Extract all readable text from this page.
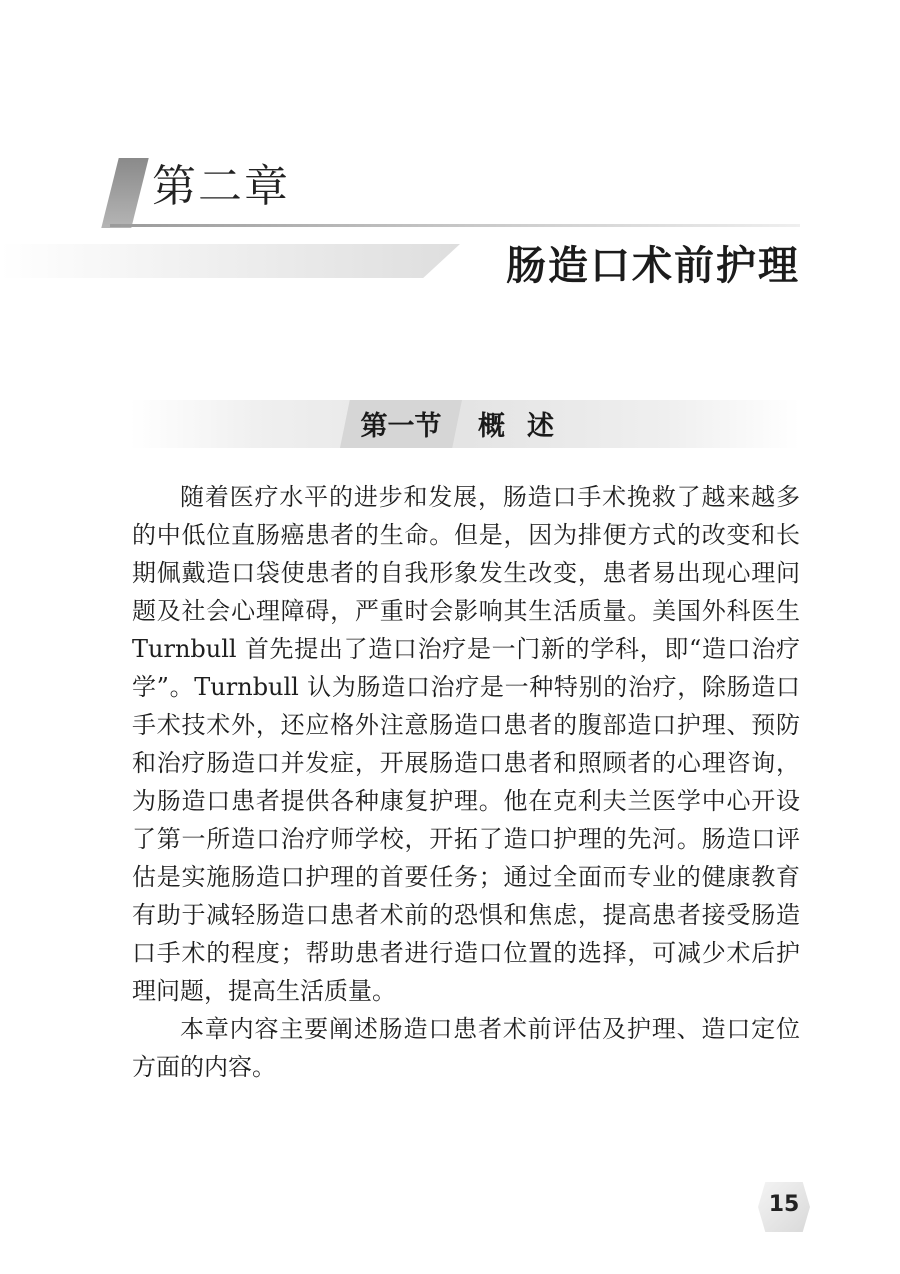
第二章
肠造口术前护理
第一节	概述

随着医疗水平的进步和发展，肠造口手术挽救了越来越多的中低位直肠癌患者的生命。但是，因为排便方式的改变和长期佩戴造口袋使患者的自我形象发生改变，患者易出现心理问题及社会心理障碍，严重时会影响其生活质量。美国外科医生 Turnbull 首先提出了造口治疗是一门新的学科，即“造口治疗学”。Turnbull 认为肠造口治疗是一种特别的治疗，除肠造口手术技术外，还应格外注意肠造口患者的腹部造口护理、预防和治疗肠造口并发症，开展肠造口患者和照顾者的心理咨询，为肠造口患者提供各种康复护理。他在克利夫兰医学中心开设了第一所造口治疗师学校，开拓了造口护理的先河。肠造口评估是实施肠造口护理的首要任务；通过全面而专业的健康教育有助于减轻肠造口患者术前的恐惧和焦虑，提高患者接受肠造口手术的程度；帮助患者进行造口位置的选择，可减少术后护理问题，提高生活质量。

本章内容主要阐述肠造口患者术前评估及护理、造口定位方面的内容。

15
